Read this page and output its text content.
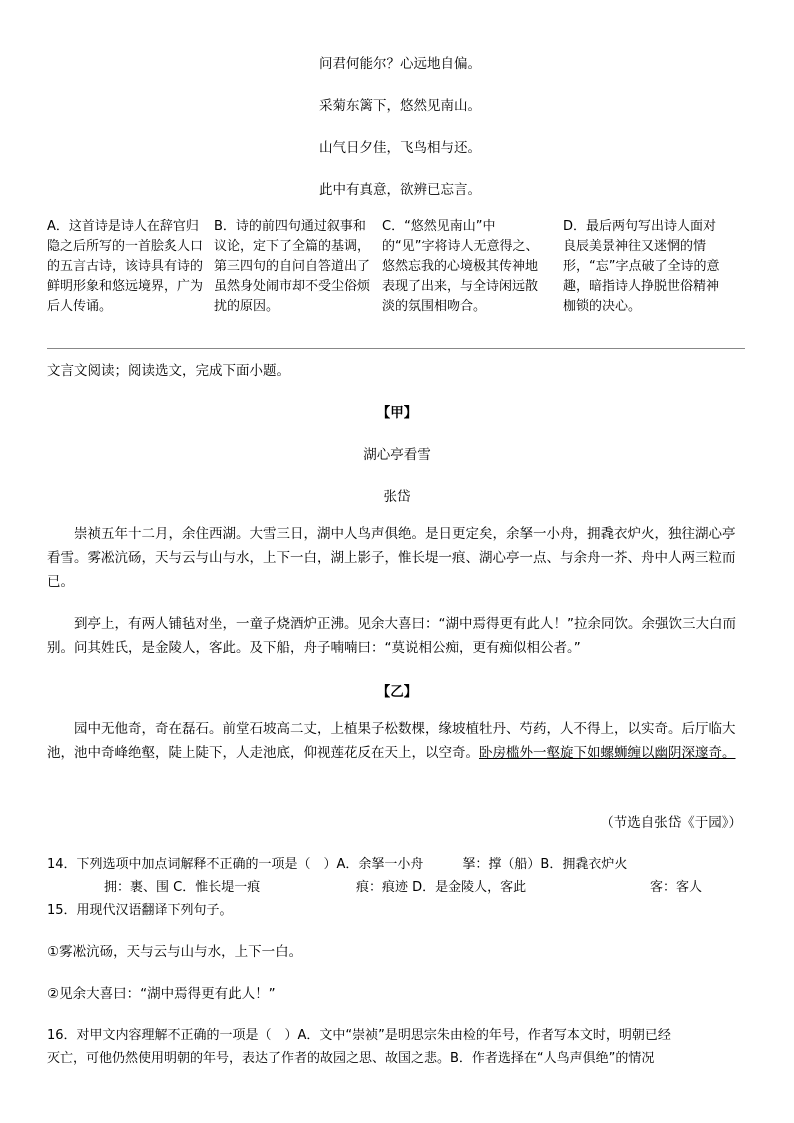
问君何能尔？心远地自偏。
采菊东篱下，悠然见南山。
山气日夕佳，飞鸟相与还。
此中有真意，欲辨已忘言。
A．这首诗是诗人在辞官归隐之后所写的一首脍炙人口的五言古诗，该诗具有诗的鲜明形象和悠远境界，广为后人传诵。
B．诗的前四句通过叙事和议论，定下了全篇的基调，第三四句的自问自答道出了虽然身处闹市却不受尘俗烦扰的原因。
C．“悠然见南山”中的“见”字将诗人无意得之、悠然忘我的心境极其传神地表现了出来，与全诗闲远散淡的氛围相吻合。
D．最后两句写出诗人面对良辰美景神往又迷惘的情形，“忘”字点破了全诗的意趣，暗指诗人挣脱世俗精神枷锁的决心。
文言文阅读；阅读选文，完成下面小题。
【甲】
湖心亭看雪
张岱
崇祯五年十二月，余住西湖。大雪三日，湖中人鸟声俱绝。是日更定矣，余拏一小舟，拥毳衣炉火，独往湖心亭看雪。雾凇沆砀，天与云与山与水，上下一白，湖上影子，惟长堤一痕、湖心亭一点、与余舟一芥、舟中人两三粒而已。
到亭上，有两人铺毡对坐，一童子烧酒炉正沸。见余大喜曰：“湖中焉得更有此人！”拉余同饮。余强饮三大白而别。问其姓氏，是金陵人，客此。及下船，舟子喃喃曰：“莫说相公痴，更有痴似相公者。”
【乙】
园中无他奇，奇在磊石。前堂石坡高二丈，上植果子松数棵，缘坡植牡丹、芍药，人不得上，以实奇。后厅临大池，池中奇峰绝壑，陡上陡下，人走池底，仰视莲花反在天上，以空奇。卧房槛外一壑旋下如螺蛳缠以幽阴深邃奇。
（节选自张岱《于园》）
14．下列选项中加点词解释不正确的一项是（　）A．余拏一小舟　　　拏：撑（船）B．拥毳衣炉火
拥：裹、围 C．惟长堤一痕	痕：痕迹 D．是金陵人，客此	客：客人
15．用现代汉语翻译下列句子。
①雾凇沆砀，天与云与山与水，上下一白。
②见余大喜曰：“湖中焉得更有此人！”
16．对甲文内容理解不正确的一项是（　）A．文中“崇祯”是明思宗朱由检的年号，作者写本文时，明朝已经
灭亡，可他仍然使用明朝的年号，表达了作者的故园之思、故国之悲。B．作者选择在“人鸟声俱绝”的情况
